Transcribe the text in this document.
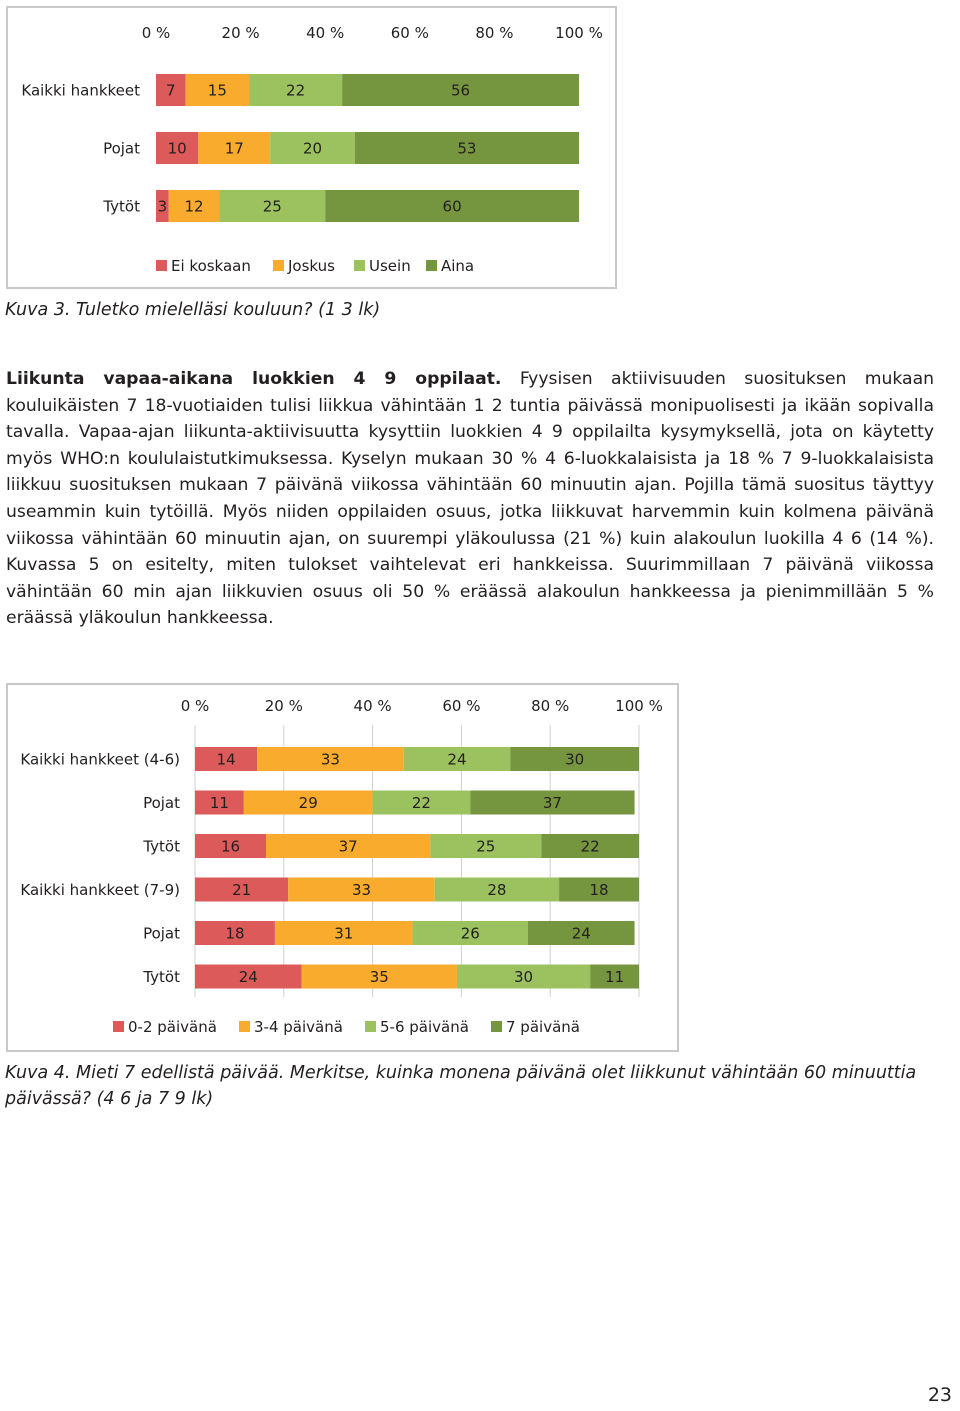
0 %	20 %	40 %	60 %	80 %	100 %
Kaikki hankkeet 7 15	22	56
Pojat 10	17	20	53
Tytöt 3 12	25	60
Ei koskaan Joskus Usein Aina

Kuva 3. Tuletko mielelläsi kouluun? (1 3 lk)

Liikunta vapaa-aikana luokkien 4 9 oppilaat. Fyysisen aktiivisuuden suosituksen mukaan kouluikäisten 7 18-vuotiaiden tulisi liikkua vähintään 1 2 tuntia päivässä monipuolisesti ja ikään sopivalla tavalla. Vapaa-ajan liikunta-aktiivisuutta kysyttiin luokkien 4 9 oppilailta kysymyksellä, jota on käytetty myös WHO:n koululaistutkimuksessa. Kyselyn mukaan 30 % 4 6-luokkalaisista ja 18 % 7 9-luokkalaisista liikkuu suosituksen mukaan 7 päivänä viikossa vähintään 60 minuutin ajan. Pojilla tämä suositus täyttyy useammin kuin tytöillä. Myös niiden oppilaiden osuus, jotka liikkuvat harvemmin kuin kolmena päivänä viikossa vähintään 60 minuutin ajan, on suurempi yläkoulussa (21 %) kuin alakoulun luokilla 4 6 (14 %). Kuvassa 5 on esitelty, miten tulokset vaihtelevat eri hankkeissa. Suurimmillaan 7 päivänä viikossa vähintään 60 min ajan liikkuvien osuus oli 50 % eräässä alakoulun hankkeessa ja pienimmillään 5 % eräässä yläkoulun hankkeessa.

0 %	20 %	40 %	60 %	80 %	100 %
Kaikki hankkeet (4-6) 14	33	24	30
Pojat 11	29	22	37
Tytöt	16	37	25	22
Kaikki hankkeet (7-9)	21	33	28	18
Pojat	18	31	26	24
Tytöt	24	35	30	11
0-2 päivänä 3-4 päivänä 5-6 päivänä 7 päivänä

Kuva 4. Mieti 7 edellistä päivää. Merkitse, kuinka monena päivänä olet liikkunut vähintään 60 minuuttia päivässä? (4 6 ja 7 9 lk)

23
